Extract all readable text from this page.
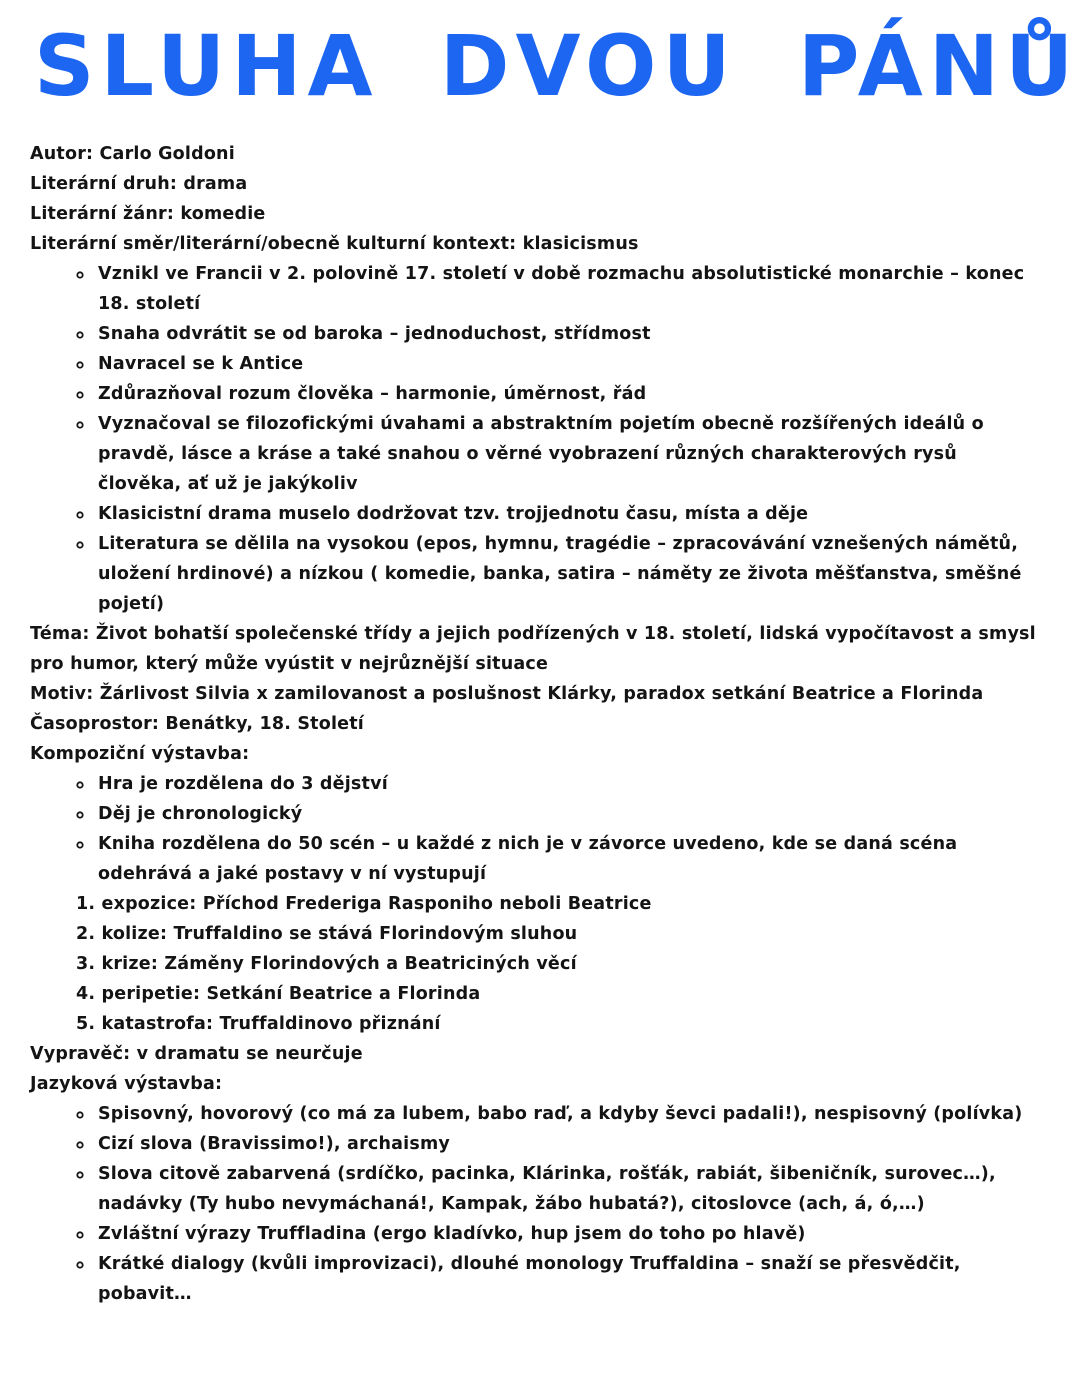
SLUHA DVOU PÁNŮ
Autor: Carlo Goldoni
Literární druh: drama
Literární žánr: komedie
Literární směr/literární/obecně kulturní kontext: klasicismus
Vznikl ve Francii v 2. polovině 17. století v době rozmachu absolutistické monarchie – konec 18. století
Snaha odvrátit se od baroka – jednoduchost, střídmost
Navracel se k Antice
Zdůrazňoval rozum člověka – harmonie, úměrnost, řád
Vyznačoval se filozofickými úvahami a abstraktním pojetím obecně rozšířených ideálů o pravdě, lásce a kráse a také snahou o věrné vyobrazení různých charakterových rysů člověka, ať už je jakýkoliv
Klasicistní drama muselo dodržovat tzv. trojjednotu času, místa a děje
Literatura se dělila na vysokou (epos, hymnu, tragédie – zpracovávání vznešených námětů, uložení hrdinové) a nízkou ( komedie, banka, satira – náměty ze života měšťanstva, směšné pojetí)
Téma: Život bohatší společenské třídy a jejich podřízených v 18. století, lidská vypočítavost a smysl pro humor, který může vyústit v nejrůznější situace
Motiv: Žárlivost Silvia x zamilovanost a poslušnost Klárky, paradox setkání Beatrice a Florinda
Časoprostor: Benátky, 18. Století
Kompoziční výstavba:
Hra je rozdělena do 3 dějství
Děj je chronologický
Kniha rozdělena do 50 scén – u každé z nich je v závorce uvedeno, kde se daná scéna odehrává a jaké postavy v ní vystupují
1. expozice: Příchod Frederiga Rasponiho neboli Beatrice
2. kolize: Truffaldino se stává Florindovým sluhou
3. krize: Záměny Florindových a Beatriciných věcí
4. peripetie: Setkání Beatrice a Florinda
5. katastrofa: Truffaldinovo přiznání
Vypravěč: v dramatu se neurčuje
Jazyková výstavba:
Spisovný, hovorový (co má za lubem, babo raď, a kdyby ševci padali!), nespisovný (polívka)
Cizí slova (Bravissimo!), archaismy
Slova citově zabarvená (srdíčko, pacinka, Klárinka, rošťák, rabiát, šibeničník, surovec…), nadávky (Ty hubo nevymáchaná!, Kampak, žábo hubatá?), citoslovce (ach, á, ó,…)
Zvláštní výrazy Truffladina (ergo kladívko, hup jsem do toho po hlavě)
Krátké dialogy (kvůli improvizaci), dlouhé monology Truffaldina – snaží se přesvědčit, pobavit…
